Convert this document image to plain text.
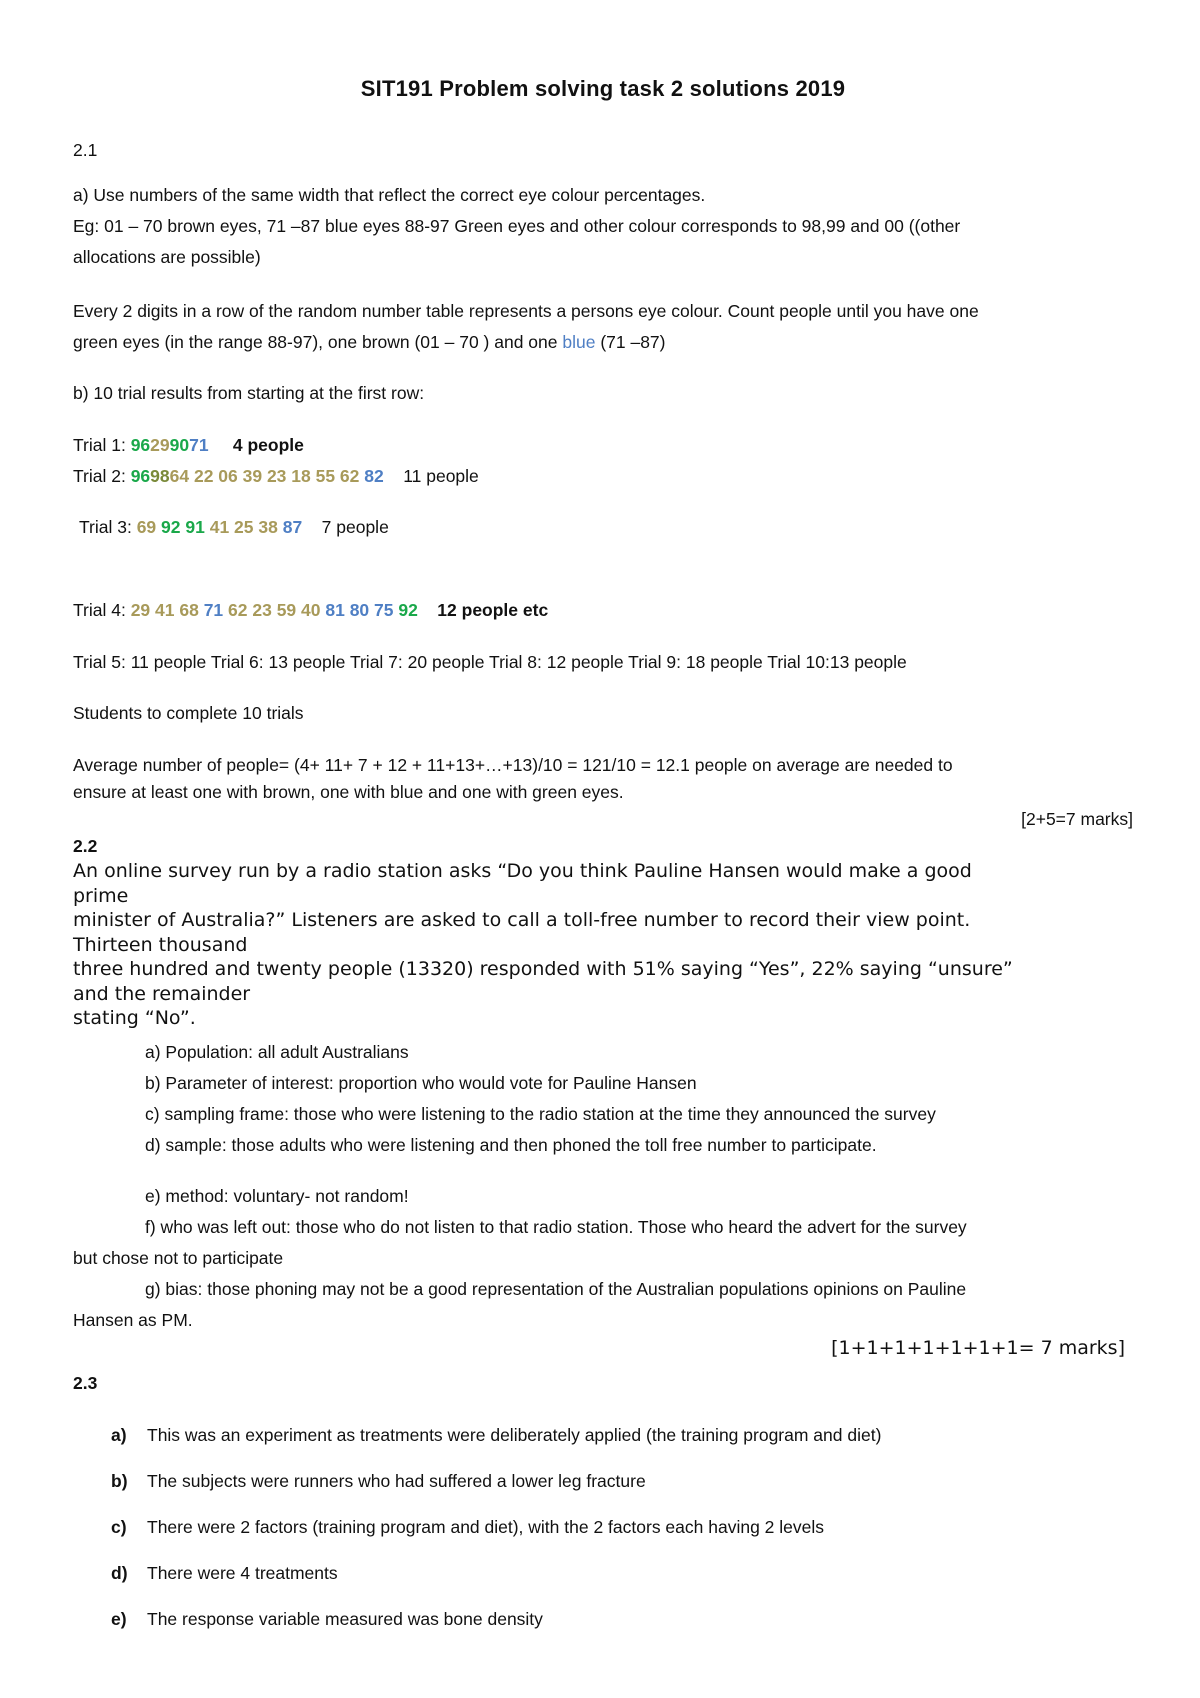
SIT191 Problem solving task 2 solutions 2019
2.1
a) Use numbers of the same width that reflect the correct eye colour percentages.
Eg: 01 – 70 brown eyes, 71 –87 blue eyes 88-97 Green eyes and other colour corresponds to 98,99 and 00 ((other
allocations are possible)
Every 2 digits in a row of the random number table represents a persons eye colour. Count people until you have one
green eyes (in the range 88-97), one brown (01 – 70 ) and one blue (71 –87)
b) 10 trial results from starting at the first row:
Trial 1: 96299071 4 people
Trial 2: 969864 22 06 39 23 18 55 62 82 11 people
Trial 3: 69 92 91 41 25 38 87 7 people
Trial 4: 29 41 68 71 62 23 59 40 81 80 75 92 12 people etc
Trial 5: 11 people Trial 6: 13 people Trial 7: 20 people Trial 8: 12 people Trial 9: 18 people Trial 10:13 people
Students to complete 10 trials
Average number of people= (4+ 11+ 7 + 12 + 11+13+…+13)/10 = 121/10 = 12.1 people on average are needed to
ensure at least one with brown, one with blue and one with green eyes.
[2+5=7 marks]
2.2
An online survey run by a radio station asks “Do you think Pauline Hansen would make a good
prime
minister of Australia?” Listeners are asked to call a toll-free number to record their view point.
Thirteen thousand
three hundred and twenty people (13320) responded with 51% saying “Yes”, 22% saying “unsure”
and the remainder
stating “No”.
a) Population: all adult Australians
b) Parameter of interest: proportion who would vote for Pauline Hansen
c) sampling frame: those who were listening to the radio station at the time they announced the survey
d) sample: those adults who were listening and then phoned the toll free number to participate.
e) method: voluntary- not random!
f) who was left out: those who do not listen to that radio station. Those who heard the advert for the survey
but chose not to participate
g) bias: those phoning may not be a good representation of the Australian populations opinions on Pauline
Hansen as PM.
[1+1+1+1+1+1+1= 7 marks]
2.3
a) This was an experiment as treatments were deliberately applied (the training program and diet)
b) The subjects were runners who had suffered a lower leg fracture
c) There were 2 factors (training program and diet), with the 2 factors each having 2 levels
d) There were 4 treatments
e) The response variable measured was bone density
